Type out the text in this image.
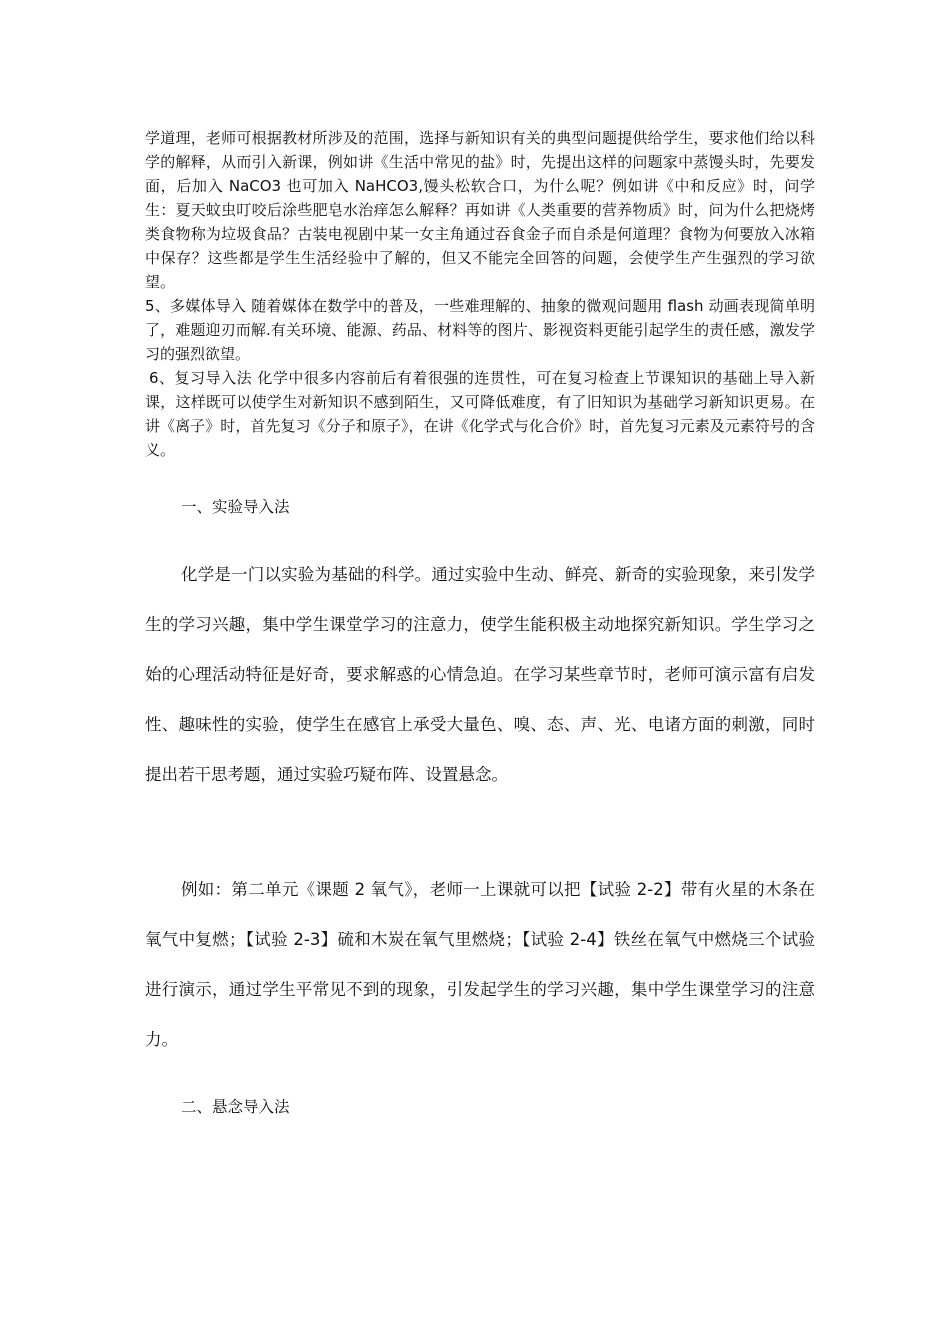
学道理，老师可根据教材所涉及的范围，选择与新知识有关的典型问题提供给学生，要求他们给以科学的解释，从而引入新课，例如讲《生活中常见的盐》时，先提出这样的问题家中蒸馒头时，先要发面，后加入 NaCO3 也可加入 NaHCO3,馒头松软合口，为什么呢？例如讲《中和反应》时，问学生：夏天蚊虫叮咬后涂些肥皂水治痒怎么解释？再如讲《人类重要的营养物质》时，问为什么把烧烤类食物称为垃圾食品？古装电视剧中某一女主角通过吞食金子而自杀是何道理？食物为何要放入冰箱中保存？这些都是学生生活经验中了解的，但又不能完全回答的问题，会使学生产生强烈的学习欲望。

5、多媒体导入 随着媒体在数学中的普及，一些难理解的、抽象的微观问题用 flash 动画表现简单明了，难题迎刃而解.有关环境、能源、药品、材料等的图片、影视资料更能引起学生的责任感，激发学习的强烈欲望。

6、复习导入法 化学中很多内容前后有着很强的连贯性，可在复习检查上节课知识的基础上导入新课，这样既可以使学生对新知识不感到陌生，又可降低难度，有了旧知识为基础学习新知识更易。在讲《离子》时，首先复习《分子和原子》，在讲《化学式与化合价》时，首先复习元素及元素符号的含义。

一、实验导入法

化学是一门以实验为基础的科学。通过实验中生动、鲜亮、新奇的实验现象，来引发学生的学习兴趣，集中学生课堂学习的注意力，使学生能积极主动地探究新知识。学生学习之始的心理活动特征是好奇，要求解惑的心情急迫。在学习某些章节时，老师可演示富有启发性、趣味性的实验，使学生在感官上承受大量色、嗅、态、声、光、电诸方面的刺激，同时提出若干思考题，通过实验巧疑布阵、设置悬念。

例如：第二单元《课题 2 氧气》，老师一上课就可以把【试验 2-2】带有火星的木条在氧气中复燃；【试验 2-3】硫和木炭在氧气里燃烧；【试验 2-4】铁丝在氧气中燃烧三个试验进行演示，通过学生平常见不到的现象，引发起学生的学习兴趣，集中学生课堂学习的注意力。

二、悬念导入法
